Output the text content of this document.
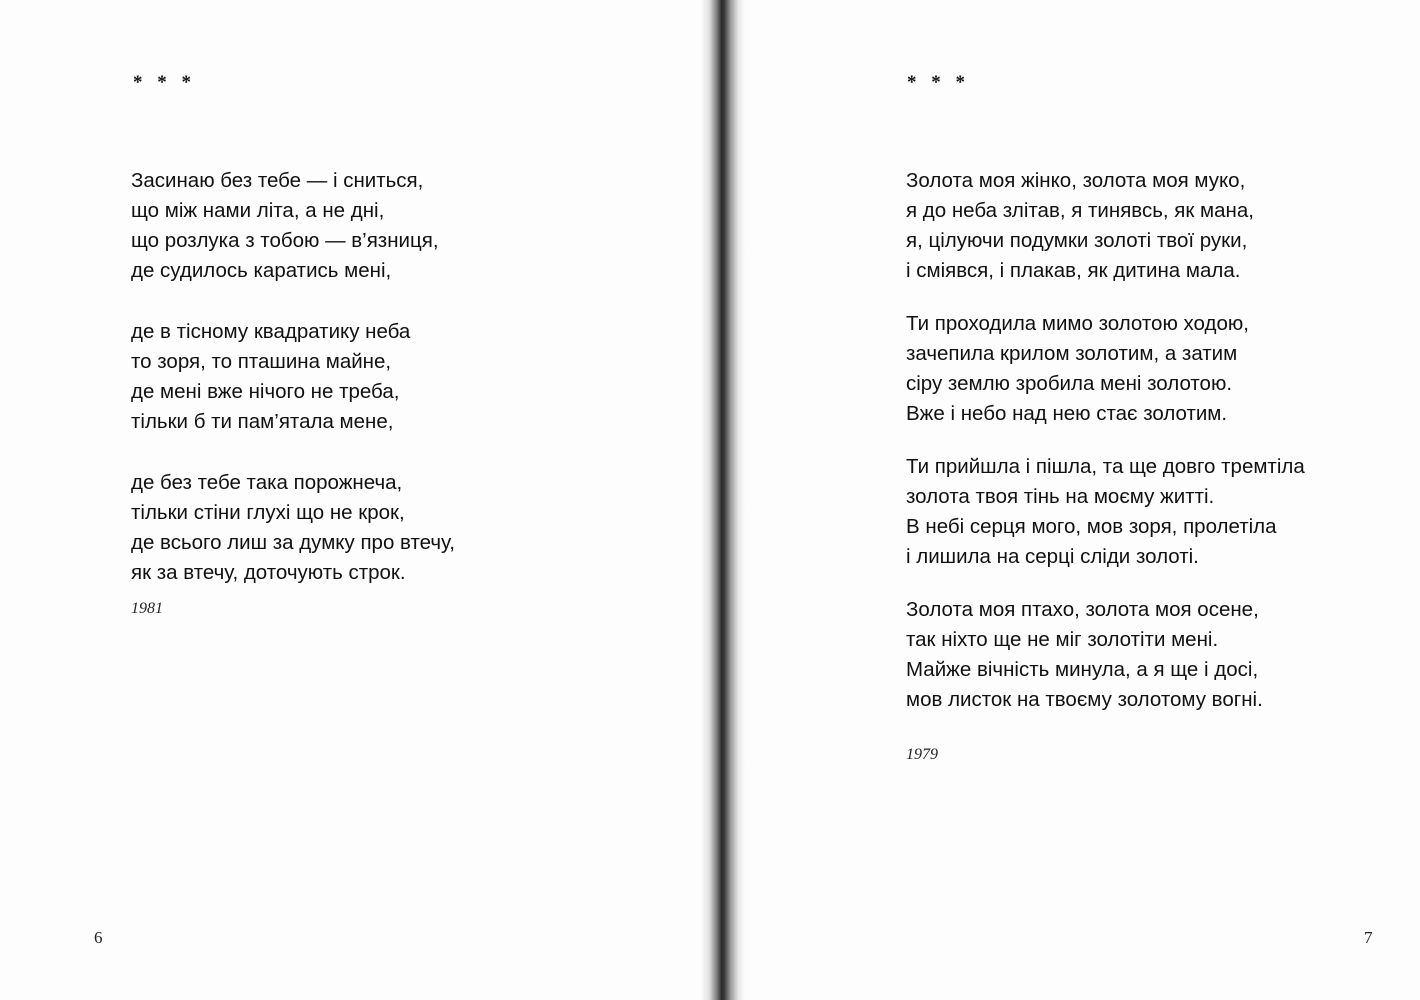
* * *
Засинаю без тебе — і сниться,
що між нами літа, а не дні,
що розлука з тобою — в’язниця,
де судилось каратись мені,
де в тісному квадратику неба
то зоря, то пташина майне,
де мені вже нічого не треба,
тільки б ти пам’ятала мене,
де без тебе така порожнеча,
тільки стіни глухі що не крок,
де всього лиш за думку про втечу,
як за втечу, доточують строк.
1981
6
* * *
Золота моя жінко, золота моя муко,
я до неба злітав, я тинявсь, як мана,
я, цілуючи подумки золоті твої руки,
і сміявся, і плакав, як дитина мала.
Ти проходила мимо золотою ходою,
зачепила крилом золотим, а затим
сіру землю зробила мені золотою.
Вже і небо над нею стає золотим.
Ти прийшла і пішла, та ще довго тремтіла
золота твоя тінь на моєму житті.
В небі серця мого, мов зоря, пролетіла
і лишила на серці сліди золоті.
Золота моя птахо, золота моя осене,
так ніхто ще не міг золотіти мені.
Майже вічність минула, а я ще і досі,
мов листок на твоєму золотому вогні.
1979
7
